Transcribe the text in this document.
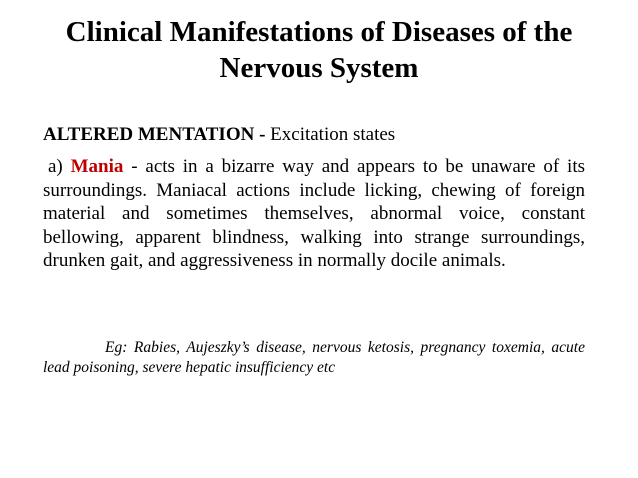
Clinical Manifestations of Diseases of the
Nervous System
ALTERED MENTATION - Excitation states

a) Mania - acts in a bizarre way and appears to be unaware of its surroundings. Maniacal actions include licking, chewing of foreign material and sometimes themselves, abnormal voice, constant bellowing, apparent blindness, walking into strange surroundings, drunken gait, and aggressiveness in normally docile animals.

Eg: Rabies, Aujeszky’s disease, nervous ketosis, pregnancy toxemia, acute lead poisoning, severe hepatic insufficiency etc
